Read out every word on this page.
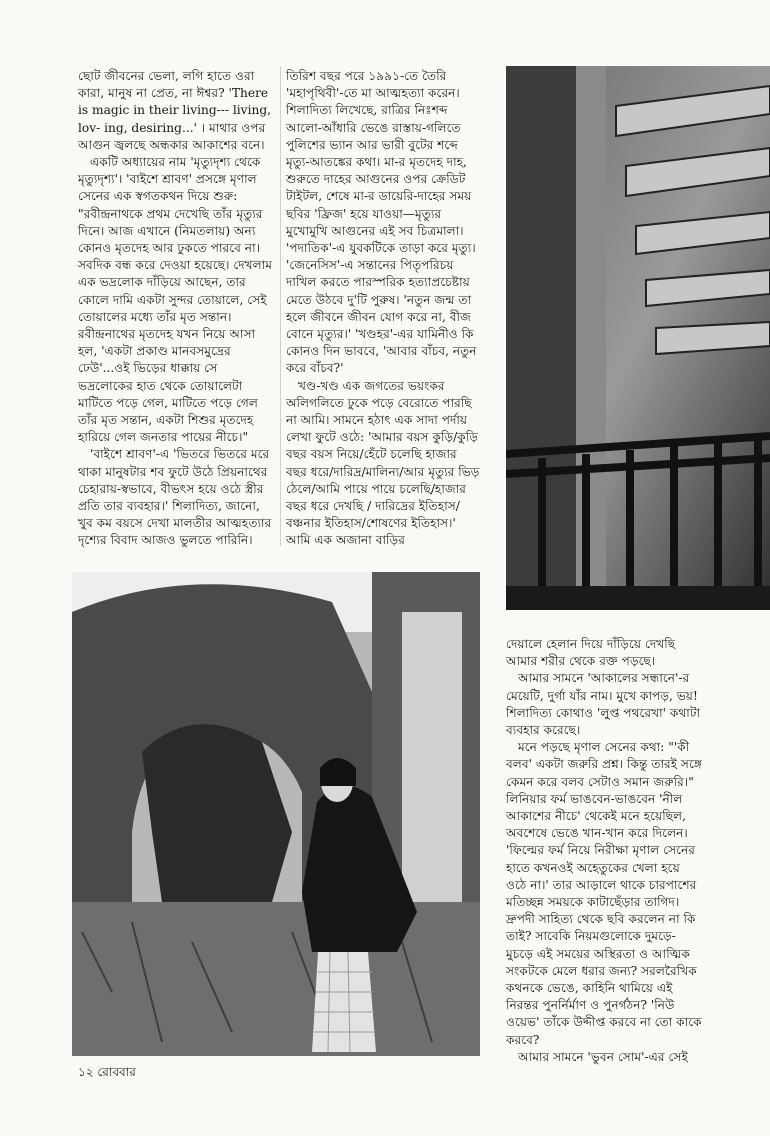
ছোট জীবনের ভেলা, লগি হাতে ওরা কারা, মানুষ না প্রেত, না ঈশ্বর? 'There is magic in their living--- living, lov- ing, desiring...' । মাথার ওপর আগুন জ্বলছে অন্ধকার আকাশের বনে।

একটি অধ্যায়ের নাম 'মৃত্যুদৃশ্য থেকে মৃত্যুদৃশ্য'। 'বাইশে শ্রাবণ' প্রসঙ্গে মৃণাল সেনের এক স্বগতকথন দিয়ে শুরু: "রবীন্দ্রনাথকে প্রথম দেখেছি তাঁর মৃত্যুর দিনে। আজ এখানে (নিমতলায়) অন্য কোনও মৃতদেহ আর ঢুকতে পারবে না। সবদিক বন্ধ করে দেওয়া হয়েছে। দেখলাম এক ভদ্রলোক দাঁড়িয়ে আছেন, তার কোলে দামি একটা সুন্দর তোয়ালে, সেই তোয়ালের মধ্যে তাঁর মৃত সন্তান। রবীন্দ্রনাথের মৃতদেহ যখন নিয়ে আসা হল, 'একটা প্রকাণ্ড মানবসমুদ্রের ঢেউ'...ওই ভিড়ের ধাক্কায় সে ভদ্রলোকের হাত থেকে তোয়ালেটা মাটিতে পড়ে গেল, মাটিতে পড়ে গেল তাঁর মৃত সন্তান, একটা শিশুর মৃতদেহ হারিয়ে গেল জনতার পায়ের নীচে।"

'বাইশে শ্রাবণ'-এ 'ভিতরে ভিতরে মরে থাকা মানুষটার শব ফুটে উঠে প্রিয়নাথের চেহারায়-স্বভাবে, বীভৎস হয়ে ওঠে স্ত্রীর প্রতি তার ব্যবহার।' শিলাদিত্য, জানো, খুব কম বয়সে দেখা মালতীর আত্মহত্যার দৃশ্যের বিবাদ আজও ভুলতে পারিনি।

তিরিশ বছর পরে ১৯৯১-তে তৈরি 'মহাপৃথিবী'-তে মা আত্মহত্যা করেন। শিলাদিত্য লিখেছে, রাত্রির নিঃশব্দ আলো-আঁধারি ভেঙে রাস্তায়-গলিতে পুলিশের ভ্যান আর ভারী বুটের শব্দে মৃত্যু-আতঙ্কের কথা। মা-র মৃতদেহ দাহ, শুরুতে দাহের আগুনের ওপর ক্রেডিট টাইটল, শেষে মা-র ডায়েরি-দাহের সময় ছবির 'ফ্রিজ' হয়ে যাওয়া—মৃত্যুর মুখোমুখি আগুনের এই সব চিত্রমালা। 'পদাতিক'-এ যুবকটিকে তাড়া করে মৃত্যু। 'জেনেসিস'-এ সন্তানের পিতৃপরিচয় দাখিল করতে পারস্পরিক হত্যাপ্রচেষ্টায় মেতে উঠবে দু'টি পুরুষ। 'নতুন জন্ম তা হলে জীবনে জীবন যোগ করে না, বীজ বোনে মৃত্যুর।' 'খণ্ডহর'-এর যামিনীও কি কোনও দিন ভাববে, 'আবার বাঁচব, নতুন করে বাঁচব?'

খণ্ড-খণ্ড এক জগতের ভয়ংকর অলিগলিতে ঢুকে পড়ে বেরোতে পারছি না আমি। সামনে হঠাৎ এক সাদা পর্দায় লেখা ফুটে ওঠে: 'আমার বয়স কুড়ি/কুড়ি বছর বয়স নিয়ে/হেঁটে চলেছি হাজার বছর ধরে/দারিদ্র/মালিন্য/আর মৃত্যুর ভিড় ঠেলে/আমি পায়ে পায়ে চলেছি/হাজার বছর ধরে দেখছি / দারিদ্রের ইতিহাস/বঞ্চনার ইতিহাস/শোষণের ইতিহাস।' আমি এক অজানা বাড়ির

দেয়ালে হেলান দিয়ে দাঁড়িয়ে দেখছি আমার শরীর থেকে রক্ত পড়ছে।

আমার সামনে 'আকালের সন্ধানে'-র মেয়েটি, দুর্গা যাঁর নাম। মুখে কাপড়, ভয়! শিলাদিত্য কোথাও 'লুপ্ত পথরেখা' কথাটা ব্যবহার করেছে।

মনে পড়ছে মৃণাল সেনের কথা: "'কী বলব' একটা জরুরি প্রশ্ন। কিন্তু তারই সঙ্গে কেমন করে বলব সেটাও সমান জরুরি।" লিনিয়ার ফর্ম ভাঙবেন-ভাঙবেন 'নীল আকাশের নীচে' থেকেই মনে হয়েছিল, অবশেষে ভেঙে খান-খান করে দিলেন। 'ফিল্মের ফর্ম নিয়ে নিরীক্ষা মৃণাল সেনের হাতে কখনওই অহেতুকের খেলা হয়ে ওঠে না।' তার আড়ালে থাকে চারপাশের মতিচ্ছন্ন সময়কে কাটাছেঁড়ার তাগিদ। দ্রুপদী সাহিত্য থেকে ছবি করলেন না কি তাই? সাবেকি নিয়মগুলোকে দুমড়ে-মুচড়ে এই সময়ের অস্থিরতা ও আত্মিক সংকটকে মেলে ধরার জন্য? সরলরৈখিক কথনকে ভেঙে, কাহিনি থামিয়ে এই নিরন্তর পুনর্নির্মাণ ও পুনর্গঠন? 'নিউ ওয়েভ' তাঁকে উদ্দীপ্ত করবে না তো কাকে করবে?

আমার সামনে 'ভুবন সোম'-এর সেই

১২ রোববার
